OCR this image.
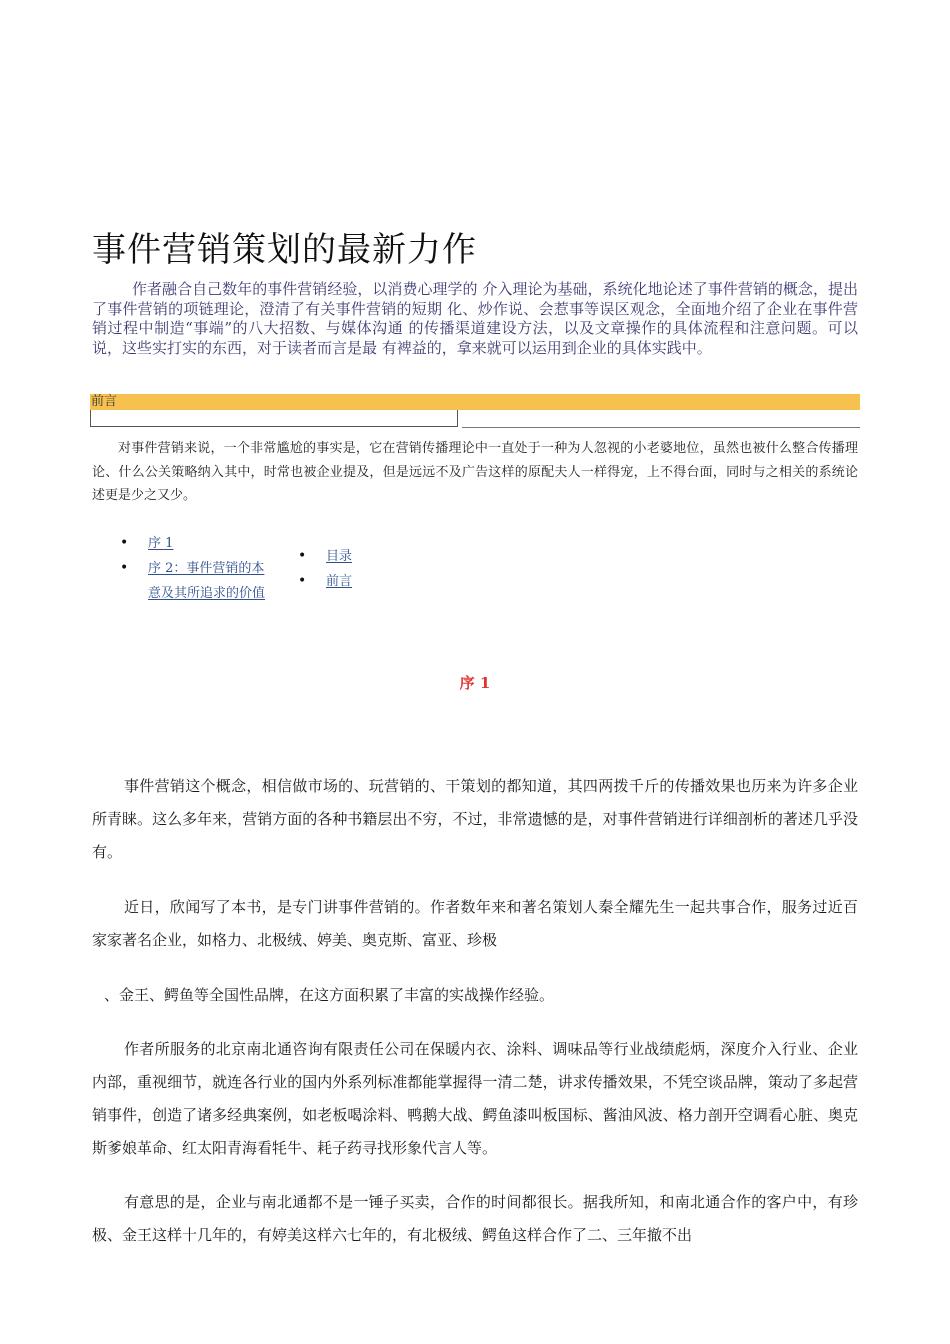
事件营销策划的最新力作

作者融合自己数年的事件营销经验，以消费心理学的 介入理论为基础，系统化地论述了事件营销的概念，提出了事件营销的项链理论，澄清了有关事件营销的短期 化、炒作说、会惹事等误区观念，全面地介绍了企业在事件营销过程中制造“事端”的八大招数、与媒体沟通 的传播渠道建设方法，以及文章操作的具体流程和注意问题。可以说，这些实打实的东西，对于读者而言是最 有裨益的，拿来就可以运用到企业的具体实践中。

前言

对事件营销来说，一个非常尴尬的事实是，它在营销传播理论中一直处于一种为人忽视的小老婆地位，虽然也被什么整合传播理论、什么公关策略纳入其中，时常也被企业提及，但是远远不及广告这样的原配夫人一样得宠，上不得台面，同时与之相关的系统论述更是少之又少。

• 序 1
• 序 2：事件营销的本意及其所追求的价值
• 目录
• 前言
序 1

事件营销这个概念，相信做市场的、玩营销的、干策划的都知道，其四两拨千斤的传播效果也历来为许多企业所青睐。这么多年来，营销方面的各种书籍层出不穷，不过，非常遗憾的是，对事件营销进行详细剖析的著述几乎没有。

近日，欣闻写了本书，是专门讲事件营销的。作者数年来和著名策划人秦全耀先生一起共事合作，服务过近百家家著名企业，如格力、北极绒、婷美、奥克斯、富亚、珍极

、金王、鳄鱼等全国性品牌，在这方面积累了丰富的实战操作经验。

作者所服务的北京南北通咨询有限责任公司在保暖内衣、涂料、调味品等行业战绩彪炳，深度介入行业、企业内部，重视细节，就连各行业的国内外系列标准都能掌握得一清二楚，讲求传播效果，不凭空谈品牌，策动了多起营销事件，创造了诸多经典案例，如老板喝涂料、鸭鹅大战、鳄鱼漆叫板国标、酱油风波、格力剖开空调看心脏、奥克斯爹娘革命、红太阳青海看牦牛、耗子药寻找形象代言人等。

有意思的是，企业与南北通都不是一锤子买卖，合作的时间都很长。据我所知，和南北通合作的客户中，有珍极、金王这样十几年的，有婷美这样六七年的，有北极绒、鳄鱼这样合作了二、三年撤不出
